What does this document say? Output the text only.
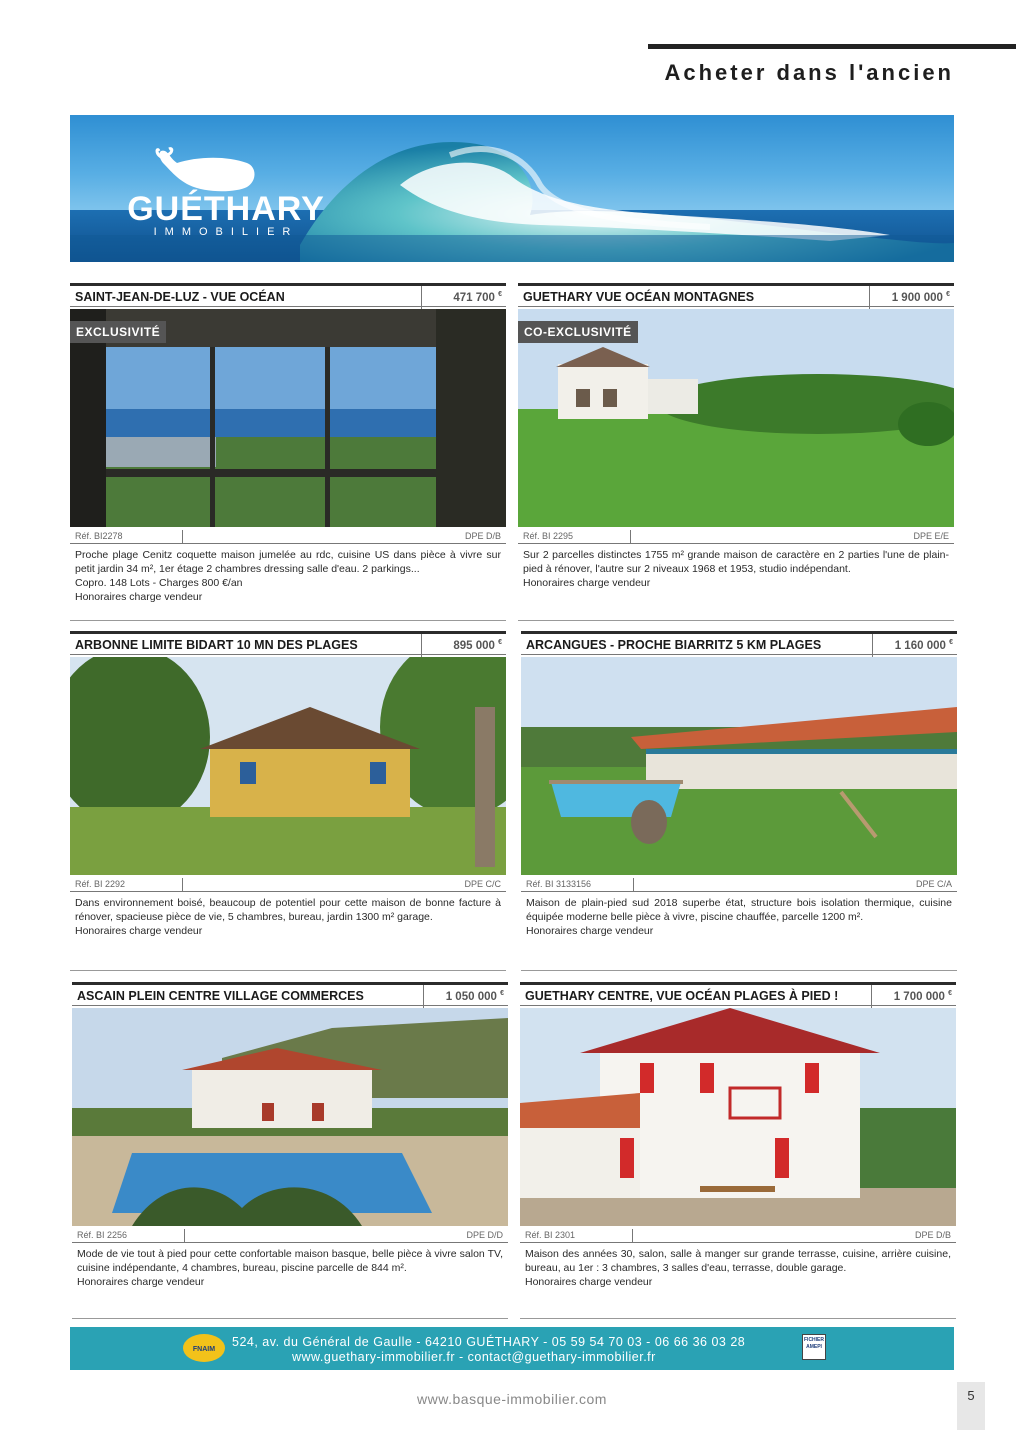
Acheter dans l'ancien
GUÉTHARY
IMMOBILIER
SAINT-JEAN-DE-LUZ - VUE OCÉAN	471 700 €
EXCLUSIVITÉ
Réf. BI2278	DPE D/B

Proche plage Cenitz coquette maison jumelée au rdc, cuisine US dans pièce à vivre sur petit jardin 34 m², 1er étage 2 chambres dressing salle d'eau. 2 parkings...

Copro. 148 Lots - Charges 800 €/an

Honoraires charge vendeur

GUETHARY VUE OCÉAN MONTAGNES	1 900 000 €
CO-EXCLUSIVITÉ
Réf. BI 2295	DPE E/E

Sur 2 parcelles distinctes 1755 m² grande maison de caractère en 2 parties l'une de plain-pied à rénover, l'autre sur 2 niveaux 1968 et 1953, studio indépendant.

Honoraires charge vendeur

ARBONNE LIMITE BIDART 10 MN DES PLAGES	895 000 €
Réf. BI 2292	DPE C/C

Dans environnement boisé, beaucoup de potentiel pour cette maison de bonne facture à rénover, spacieuse pièce de vie, 5 chambres, bureau, jardin 1300 m² garage.

Honoraires charge vendeur

ARCANGUES - PROCHE BIARRITZ 5 KM PLAGES	1 160 000 €
Réf. BI 3133156	DPE C/A

Maison de plain-pied sud 2018 superbe état, structure bois isolation thermique, cuisine équipée moderne belle pièce à vivre, piscine chauffée, parcelle 1200 m².

Honoraires charge vendeur

ASCAIN PLEIN CENTRE VILLAGE COMMERCES	1 050 000 €
Réf. BI 2256	DPE D/D

Mode de vie tout à pied pour cette confortable maison basque, belle pièce à vivre salon TV, cuisine indépendante, 4 chambres, bureau, piscine parcelle de 844 m².

Honoraires charge vendeur

GUETHARY CENTRE, VUE OCÉAN PLAGES À PIED !	1 700 000 €
Réf. BI 2301	DPE D/B

Maison des années 30, salon, salle à manger sur grande terrasse, cuisine, arrière cuisine, bureau, au 1er : 3 chambres, 3 salles d'eau, terrasse, double garage.

Honoraires charge vendeur

FNAIM
524, av. du Général de Gaulle - 64210 GUÉTHARY - 05 59 54 70 03 - 06 66 36 03 28
www.guethary-immobilier.fr - contact@guethary-immobilier.fr
FICHIER AMEPI
www.basque-immobilier.com	5
